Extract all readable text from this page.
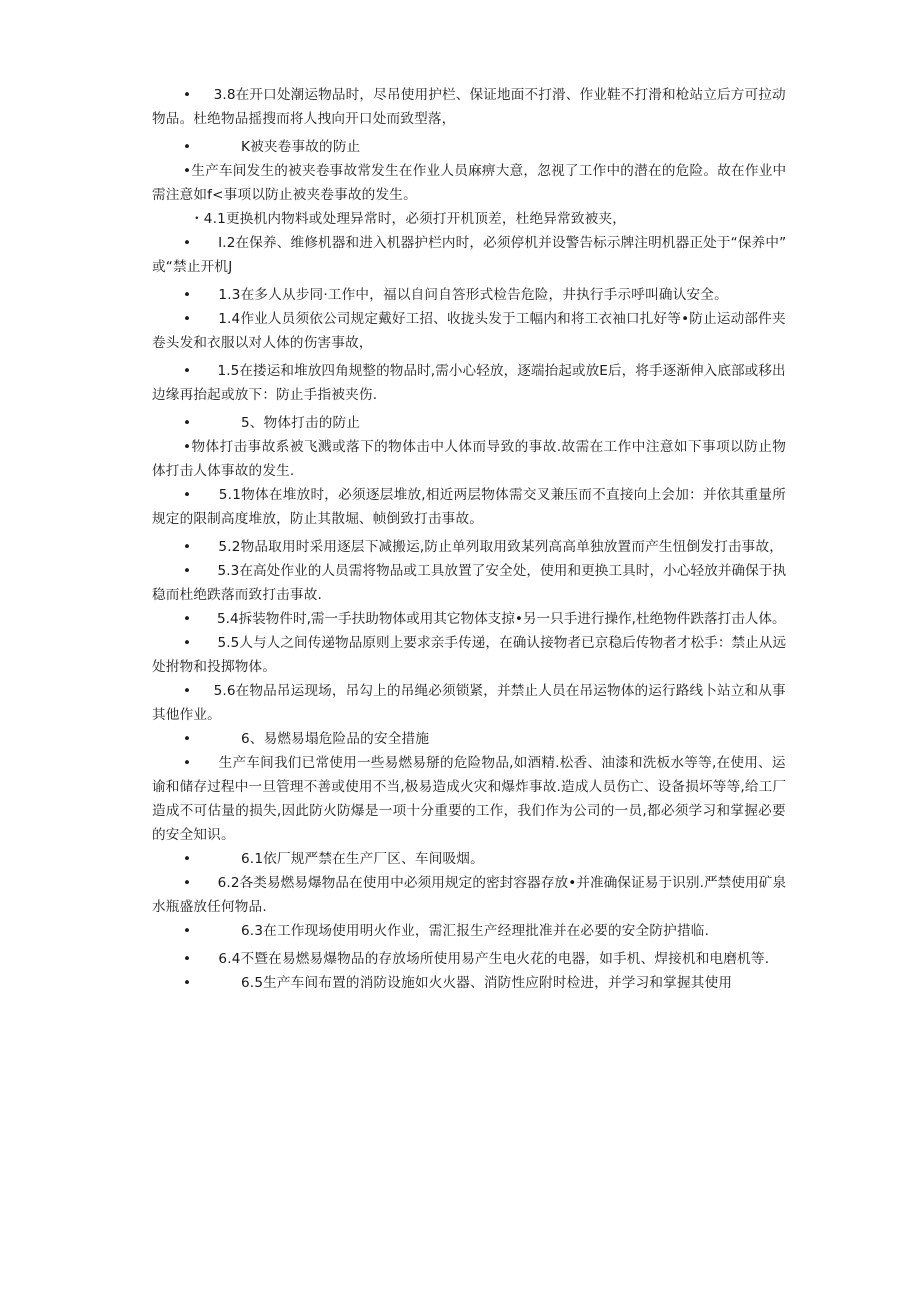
•     3.8在开口处潮运物品时，尽吊使用护栏、保证地面不打滑、作业鞋不打滑和枪站立后方可拉动
物品。杜绝物品摇搜而将人拽向开口处而致型落，
•           K被夹卷事故的防止
•生产车间发生的被夹卷事故常发生在作业人员麻痹大意，忽视了工作中的潜在的危险。故在作业中
需注意如f<事项以防止被夹卷事故的发生。
・4.1更换机内物料或处理异常时，必须打开机顶差，杜绝异常致被夹，
•      I.2在保养、维修机器和进入机器护栏内时，必须停机并设警告标示牌注明机器正处于“保养中”
或“禁止开机J
•      1.3在多人从步同·工作中，福以自问自答形式检告危险，井执行手示呼叫确认安全。
•      1.4作业人员须依公司规定戴好工招、收拢头发于工幅内和将工衣袖口扎好等•防止运动部件夹
卷头发和衣服以对人体的伤害事故，
•      1.5在搂运和堆放四角规整的物品时,需小心轻放，逐端抬起或放E后，将手逐渐伸入底部或移出
边缘再抬起或放下：防止手指被夹伤.
•           5、物体打击的防止
•物体打击事故系被飞溅或落下的物体击中人体而导致的事故.故需在工作中注意如下事项以防止物
体打击人体事故的发生.
•      5.1物体在堆放时，必须逐层堆放,相近两层物体需交叉兼压而不直接向上会加：并依其重量所
规定的限制高度堆放，防止其散堀、帧倒致打击事故。
•      5.2物品取用时采用逐层下减搬运,防止单列取用致某列高高单独放置而产生忸倒发打击事故，
•      5.3在高处作业的人员需将物品或工具放置了安全处，使用和更换工具时，小心轻放并确保于执
稳而杜绝跌落而致打击事故.
•      5.4拆装物件时,需一手扶助物体或用其它物体支掠•另一只手进行操作,杜绝物件跌落打击人体。
•      5.5人与人之间传递物品原则上要求亲手传递，在确认接物者已京稳后传物者才松手：禁止从远
处拊物和投掷物体。
•     5.6在物品吊运现场，吊勾上的吊绳必须锁紧，并禁止人员在吊运物体的运行路线卜站立和从事
其他作业。
•           6、易燃易塌危险品的安全措施
•      生产车间我们已常使用一些易燃易掰的危险物品,如酒精.松香、油漆和洗板水等等,在使用、运
谕和储存过程中一旦管理不善或使用不当,极易造成火灾和爆炸事故.造成人员伤亡、设备损坏等等,给工厂
造成不可估量的损失,因此防火防爆是一项十分重要的工作，我们作为公司的一员,都必须学习和掌握必要
的安全知识。
•           6.1依厂规严禁在生产厂区、车间吸烟。
•      6.2各类易燃易爆物品在使用中必须用规定的密封容器存放•并准确保证易于识别.严禁使用矿泉
水瓶盛放任何物品.
•           6.3在工作现场使用明火作业，需汇报生产经理批准并在必要的安全防护措临.
•      6.4不暨在易燃易爆物品的存放场所使用易产生电火花的电器，如手机、焊接机和电磨机等.
•           6.5生产车间布置的消防设施如火火器、消防性应附时检进，并学习和掌握其使用
